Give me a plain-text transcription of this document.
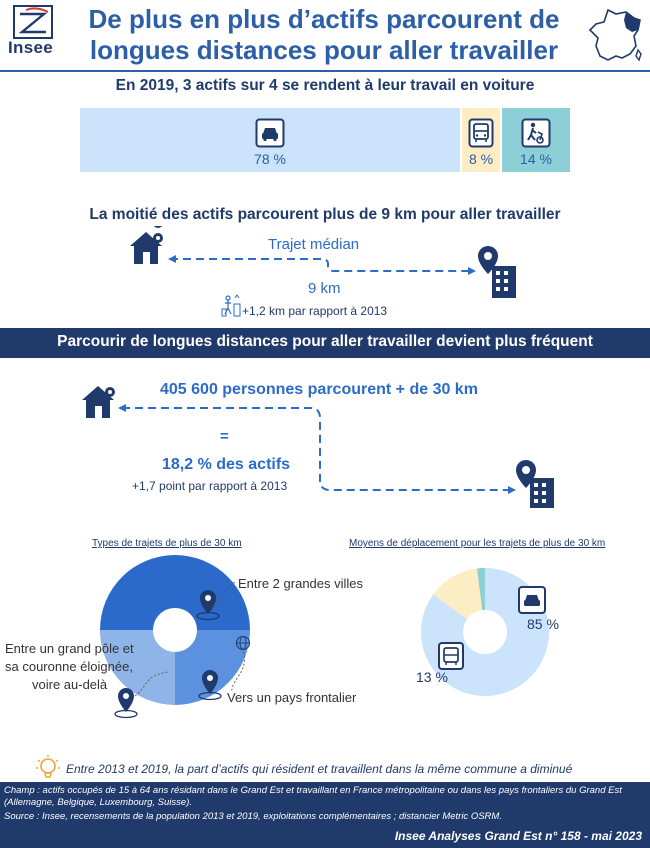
Insee
De plus en plus d’actifs parcourent de
longues distances pour aller travailler
En 2019, 3 actifs sur 4 se rendent à leur travail en voiture
78 %	8 %	14 %
La moitié des actifs parcourent plus de 9 km pour aller travailler
Trajet médian
9 km
+1,2 km par rapport à 2013
Parcourir de longues distances pour aller travailler devient plus fréquent
405 600 personnes parcourent + de 30 km
=
18,2 % des actifs
+1,7 point par rapport à 2013
Types de trajets de plus de 30 km	Moyens de déplacement pour les trajets de plus de 30 km
Entre 2 grandes villes
Entre un grand pôle et
sa couronne éloignée,
voire au-delà
Vers un pays frontalier
85 %
13 %
Entre 2013 et 2019, la part d’actifs qui résident et travaillent dans la même commune a diminué
Champ : actifs occupés de 15 à 64 ans résidant dans le Grand Est et travaillant en France métropolitaine ou dans les pays frontaliers du Grand Est (Allemagne, Belgique, Luxembourg, Suisse).
Source : Insee, recensements de la population 2013 et 2019, exploitations complémentaires ; distancier Metric OSRM.
Insee Analyses Grand Est n° 158 - mai 2023
